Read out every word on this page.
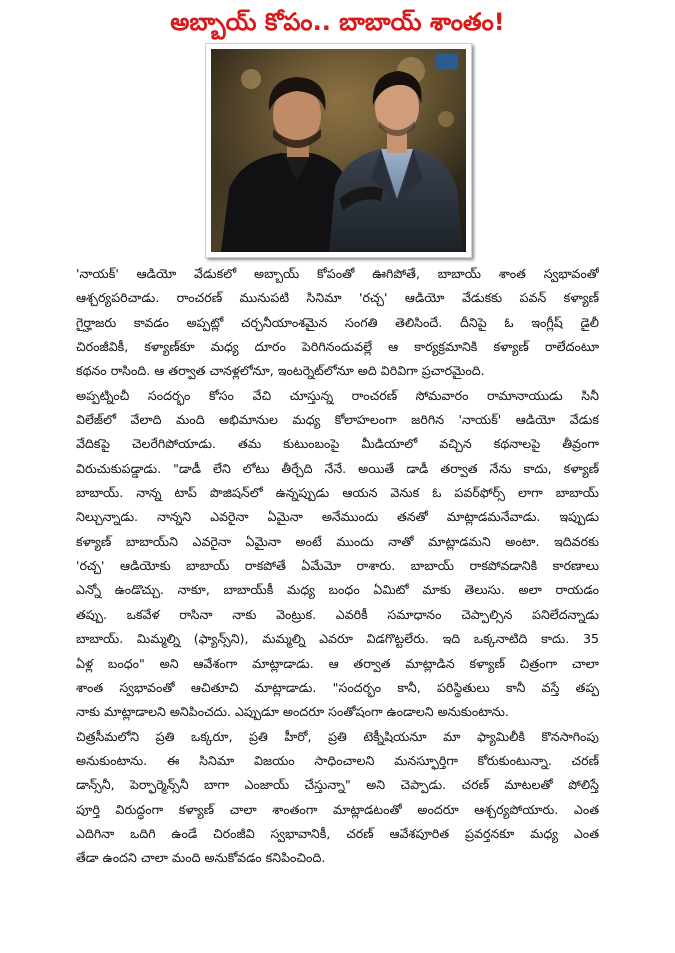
అబ్బాయ్ కోపం.. బాబాయ్ శాంతం!
'నాయక్' ఆడియో వేడుకలో అబ్బాయ్ కోపంతో ఊగిపోతే, బాబాయ్ శాంత స్వభావంతో
ఆశ్చర్యపరిచాడు. రాంచరణ్ మునుపటి సినిమా 'రచ్చ' ఆడియో వేడుకకు పవన్ కళ్యాణ్
గైర్హాజరు కావడం అప్పట్లో చర్చనీయాంశమైన సంగతి తెలిసిందే. దీనిపై ఓ ఇంగ్లీష్ డైలీ
చిరంజీవికీ, కళ్యాణ్‌కూ మధ్య దూరం పెరిగినందువల్లే ఆ కార్యక్రమానికి కళ్యాణ్ రాలేదంటూ
కథనం రాసింది. ఆ తర్వాత చానళ్లలోనూ, ఇంటర్నెట్‌లోనూ అది విరివిగా ప్రచారమైంది.
అప్పట్నించీ సందర్భం కోసం వేచి చూస్తున్న రాంచరణ్ సోమవారం రామానాయుడు సినీ
విలేజ్‌లో వేలాది మంది అభిమానుల మధ్య కోలాహలంగా జరిగిన 'నాయక్' ఆడియో వేడుక
వేదికపై చెలరేగిపోయాడు. తమ కుటుంబంపై మీడియాలో వచ్చిన కథనాలపై తీవ్రంగా
విరుచుకుపడ్డాడు. "డాడీ లేని లోటు తీర్చేది నేనే. అయితే డాడీ తర్వాత నేను కాదు, కళ్యాణ్
బాబాయ్. నాన్న టాప్ పొజిషన్‌లో ఉన్నప్పుడు ఆయన వెనుక ఓ పవర్‌ఫోర్స్ లాగా బాబాయ్
నిల్చున్నాడు. నాన్నని ఎవరైనా ఏమైనా అనేముందు తనతో మాట్లాడమనేవాడు. ఇప్పుడు
కళ్యాణ్ బాబాయ్‌ని ఎవరైనా ఏమైనా అంటే ముందు నాతో మాట్లాడమని అంటా. ఇదివరకు
'రచ్చ' ఆడియోకు బాబాయ్ రాకపోతే ఏమేమో రాశారు. బాబాయ్ రాకపోవడానికి కారణాలు
ఎన్నో ఉండొచ్చు. నాకూ, బాబాయ్‌కీ మధ్య బంధం ఏమిటో మాకు తెలుసు. అలా రాయడం
తప్పు. ఒకవేళ రాసినా నాకు వెంట్రుక. ఎవరికీ సమాధానం చెప్పాల్సిన పనిలేదన్నాడు
బాబాయ్. మిమ్మల్ని (ఫ్యాన్స్‌ని), మమ్మల్ని ఎవరూ విడగొట్టలేరు. ఇది ఒక్కనాటిది కాదు. 35
ఏళ్ల బంధం" అని ఆవేశంగా మాట్లాడాడు. ఆ తర్వాత మాట్లాడిన కళ్యాణ్ చిత్రంగా చాలా
శాంత స్వభావంతో ఆచితూచి మాట్లాడాడు. "సందర్భం కానీ, పరిస్థితులు కానీ వస్తే తప్ప
నాకు మాట్లాడాలని అనిపించదు. ఎప్పుడూ అందరూ సంతోషంగా ఉండాలని అనుకుంటాను.
చిత్రసీమలోని ప్రతి ఒక్కరూ, ప్రతి హీరో, ప్రతి టెక్నీషియనూ మా ఫ్యామిలీకి కొనసాగింపు
అనుకుంటాను. ఈ సినిమా విజయం సాధించాలని మనస్ఫూర్తిగా కోరుకుంటున్నా. చరణ్
డాన్స్‌నీ, పెర్ఫార్మెన్స్‌నీ బాగా ఎంజాయ్ చేస్తున్నా" అని చెప్పాడు. చరణ్ మాటలతో పోలిస్తే
పూర్తి విరుద్ధంగా కళ్యాణ్ చాలా శాంతంగా మాట్లాడటంతో అందరూ ఆశ్చర్యపోయారు. ఎంత
ఎదిగినా ఒదిగి ఉండే చిరంజీవి స్వభావానికీ, చరణ్ ఆవేశపూరిత ప్రవర్తనకూ మధ్య ఎంత
తేడా ఉందని చాలా మంది అనుకోవడం కనిపించింది.
